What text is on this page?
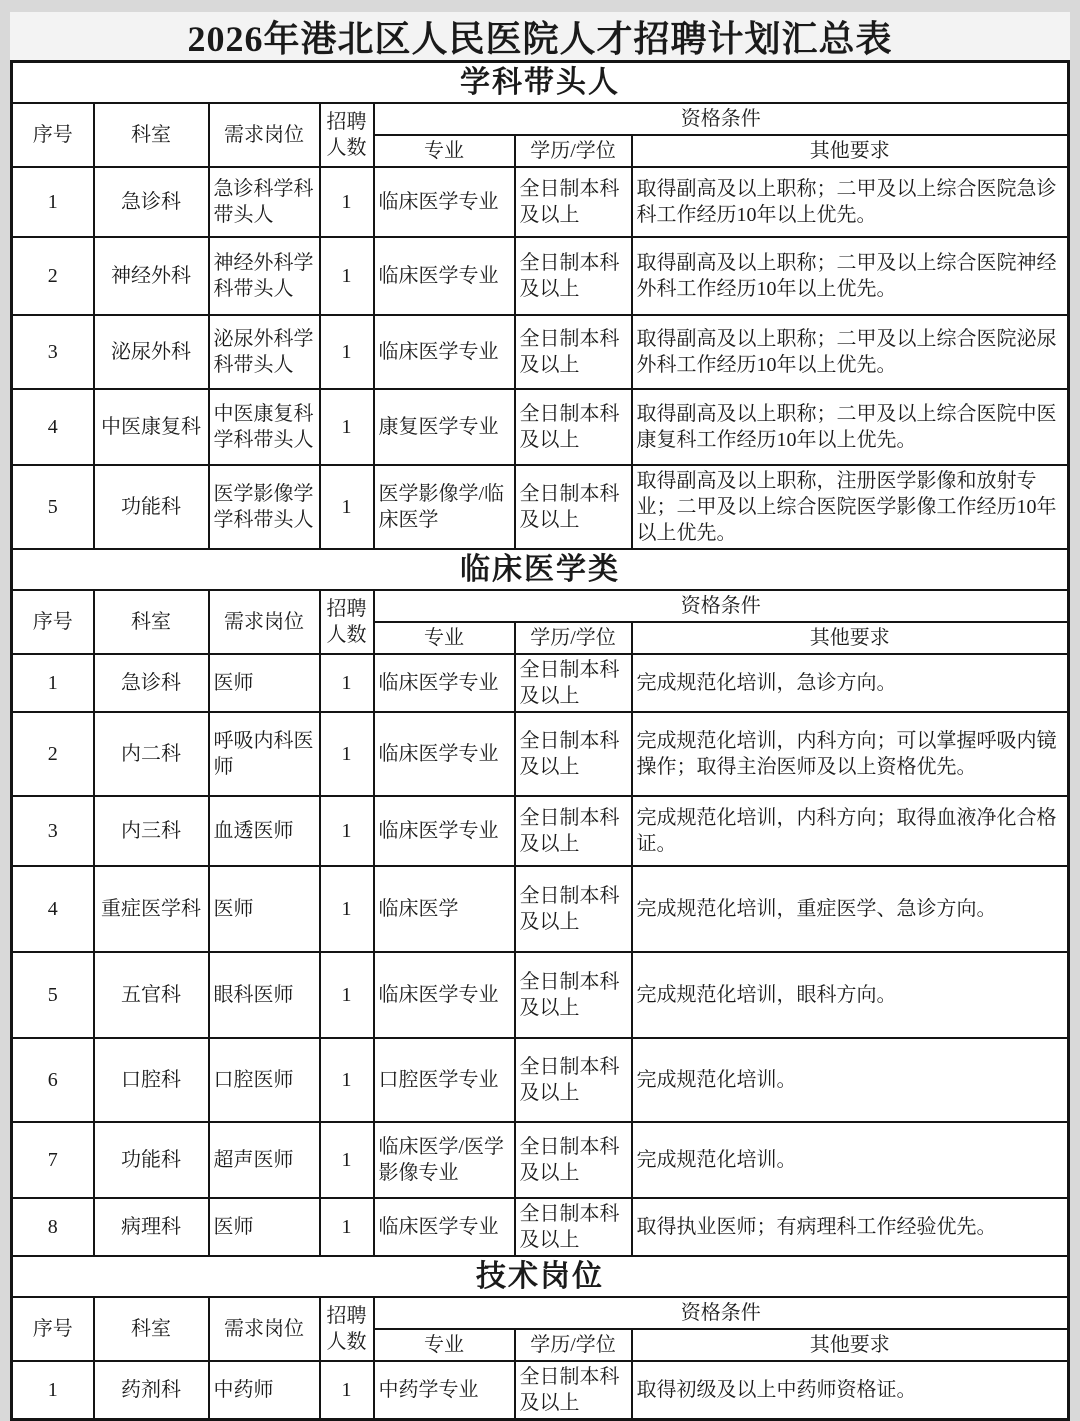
2026年港北区人民医院人才招聘计划汇总表
学科带头人						
序号	科室	需求岗位	招聘人数	资格条件		
				专业	学历/学位	其他要求
1	急诊科	急诊科学科带头人	1	临床医学专业	全日制本科及以上	取得副高及以上职称；二甲及以上综合医院急诊科工作经历10年以上优先。
2	神经外科	神经外科学科带头人	1	临床医学专业	全日制本科及以上	取得副高及以上职称；二甲及以上综合医院神经外科工作经历10年以上优先。
3	泌尿外科	泌尿外科学科带头人	1	临床医学专业	全日制本科及以上	取得副高及以上职称；二甲及以上综合医院泌尿外科工作经历10年以上优先。
4	中医康复科	中医康复科学科带头人	1	康复医学专业	全日制本科及以上	取得副高及以上职称；二甲及以上综合医院中医康复科工作经历10年以上优先。
5	功能科	医学影像学学科带头人	1	医学影像学/临床医学	全日制本科及以上	取得副高及以上职称，注册医学影像和放射专业；二甲及以上综合医院医学影像工作经历10年以上优先。
临床医学类						
序号	科室	需求岗位	招聘人数	资格条件		
				专业	学历/学位	其他要求
1	急诊科	医师	1	临床医学专业	全日制本科及以上	完成规范化培训，急诊方向。
2	内二科	呼吸内科医师	1	临床医学专业	全日制本科及以上	完成规范化培训，内科方向；可以掌握呼吸内镜操作；取得主治医师及以上资格优先。
3	内三科	血透医师	1	临床医学专业	全日制本科及以上	完成规范化培训，内科方向；取得血液净化合格证。
4	重症医学科	医师	1	临床医学	全日制本科及以上	完成规范化培训，重症医学、急诊方向。
5	五官科	眼科医师	1	临床医学专业	全日制本科及以上	完成规范化培训，眼科方向。
6	口腔科	口腔医师	1	口腔医学专业	全日制本科及以上	完成规范化培训。
7	功能科	超声医师	1	临床医学/医学影像专业	全日制本科及以上	完成规范化培训。
8	病理科	医师	1	临床医学专业	全日制本科及以上	取得执业医师；有病理科工作经验优先。
技术岗位						
序号	科室	需求岗位	招聘人数	资格条件		
				专业	学历/学位	其他要求
1	药剂科	中药师	1	中药学专业	全日制本科及以上	取得初级及以上中药师资格证。
